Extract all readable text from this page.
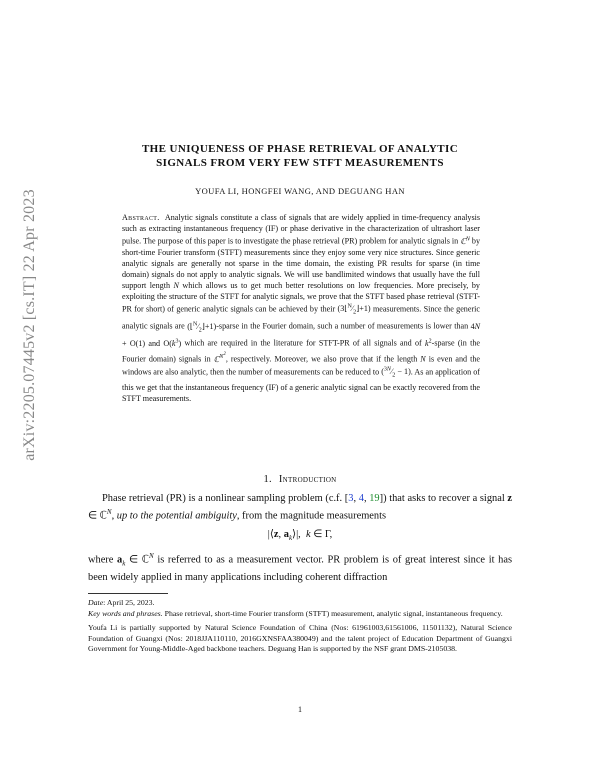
arXiv:2205.07445v2 [cs.IT] 22 Apr 2023
THE UNIQUENESS OF PHASE RETRIEVAL OF ANALYTIC
SIGNALS FROM VERY FEW STFT MEASUREMENTS
YOUFA LI, HONGFEI WANG, AND DEGUANG HAN
Abstract. Analytic signals constitute a class of signals that are widely applied in time-frequency analysis such as extracting instantaneous frequency (IF) or phase derivative in the characterization of ultrashort laser pulse. The purpose of this paper is to investigate the phase retrieval (PR) problem for analytic signals in ℂ$^N$ by short-time Fourier transform (STFT) measurements since they enjoy some very nice structures. Since generic analytic signals are generally not sparse in the time domain, the existing PR results for sparse (in time domain) signals do not apply to analytic signals. We will use bandlimited windows that usually have the full support length N which allows us to get much better resolutions on low frequencies. More precisely, by exploiting the structure of the STFT for analytic signals, we prove that the STFT based phase retrieval (STFT-PR for short) of generic analytic signals can be achieved by their $(3⌊^N⁄_2⌋+1)$ measurements. Since the generic analytic signals are $(⌊^N⁄_2⌋+1)$-sparse in the Fourier domain, such a number of measurements is lower than 4N + O(1) and $O(k^3)$ which are required in the literature for STFT-PR of all signals and of $k^2$-sparse (in the Fourier domain) signals in ℂ$^{N^2}$, respectively. Moreover, we also prove that if the length N is even and the windows are also analytic, then the number of measurements can be reduced to $(^{3N}⁄_2 - 1)$. As an application of this we get that the instantaneous frequency (IF) of a generic analytic signal can be exactly recovered from the STFT measurements.
1. Introduction
Phase retrieval (PR) is a nonlinear sampling problem (c.f. [3, 4, 19]) that asks to recover a signal z ∈ ℂ$^N$, up to the potential ambiguity, from the magnitude measurements
|⟨z, $a_k⟩|$,  k ∈ Γ,
where $a_k$ ∈ ℂ$^N$ is referred to as a measurement vector. PR problem is of great interest since it has been widely applied in many applications including coherent diffraction

Date: April 25, 2023.

Key words and phrases. Phase retrieval, short-time Fourier transform (STFT) measurement, analytic signal, instantaneous frequency.

Youfa Li is partially supported by Natural Science Foundation of China (Nos: 61961003,61561006, 11501132), Natural Science Foundation of Guangxi (Nos: 2018JJA110110, 2016GXNSFAA380049) and the talent project of Education Department of Guangxi Government for Young-Middle-Aged backbone teachers. Deguang Han is supported by the NSF grant DMS-2105038.

1
